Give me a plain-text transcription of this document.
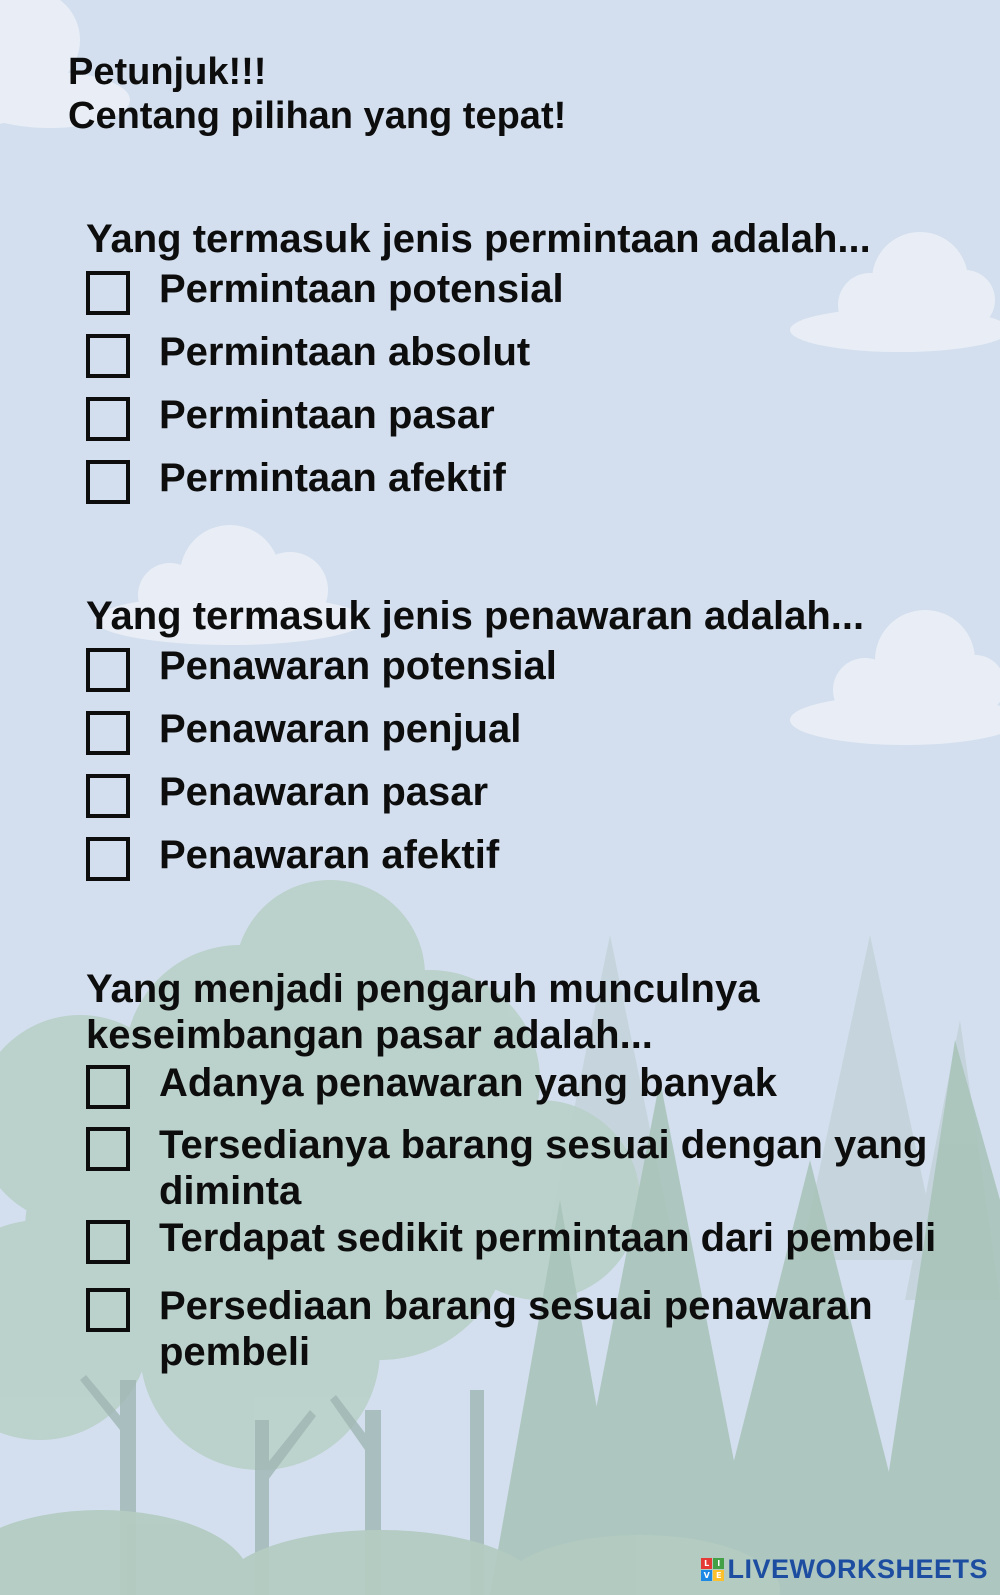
Petunjuk!!!
Centang pilihan yang tepat!
Yang termasuk jenis permintaan adalah...
Permintaan potensial
Permintaan absolut
Permintaan pasar
Permintaan afektif
Yang termasuk jenis penawaran adalah...
Penawaran potensial
Penawaran penjual
Penawaran pasar
Penawaran afektif
Yang menjadi pengaruh munculnya
keseimbangan pasar adalah...
Adanya penawaran yang banyak
Tersedianya barang sesuai dengan yang diminta
Terdapat sedikit permintaan dari pembeli
Persediaan barang sesuai penawaran pembeli
L I
V E LIVEWORKSHEETS
